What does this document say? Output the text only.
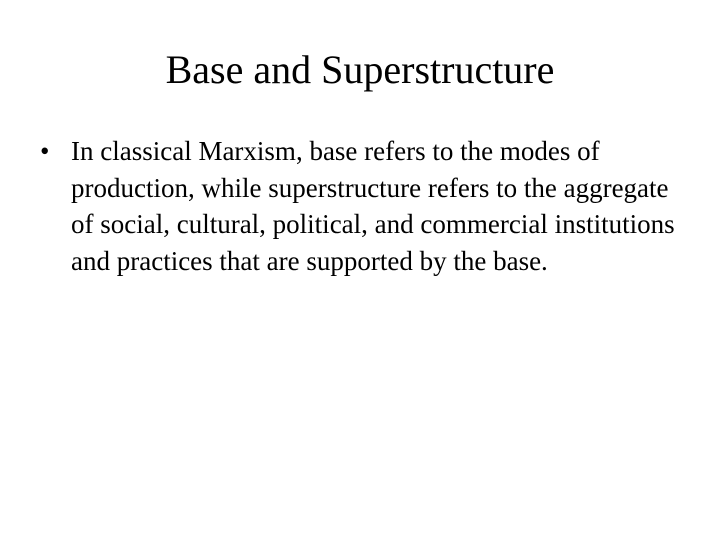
Base and Superstructure
• In classical Marxism, base refers to the modes of production, while superstructure refers to the aggregate of social, cultural, political, and commercial institutions and practices that are supported by the base.
